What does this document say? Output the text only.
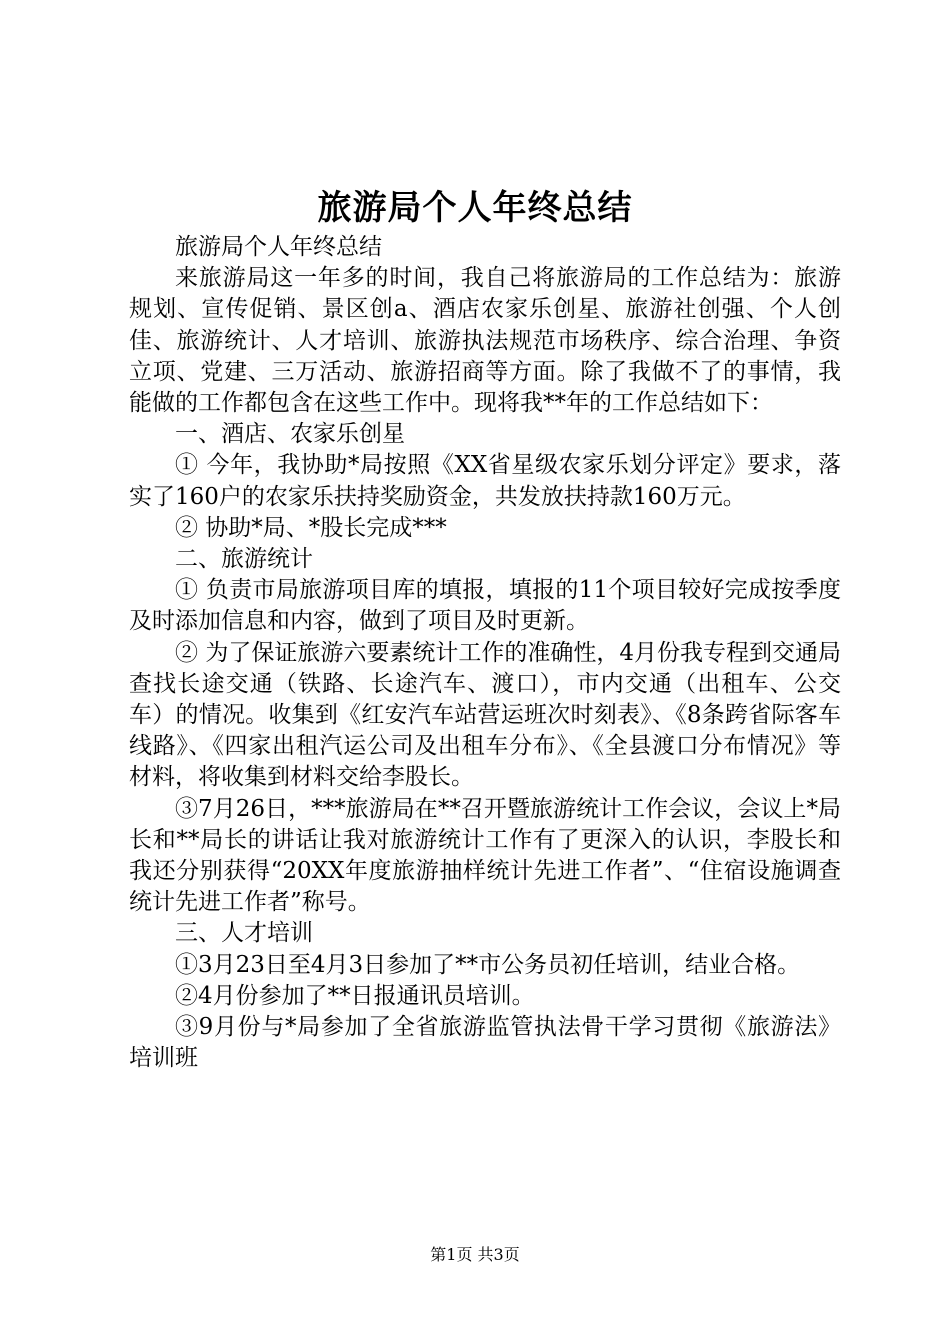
旅游局个人年终总结

旅游局个人年终总结

来旅游局这一年多的时间，我自己将旅游局的工作总结为：旅游规划、宣传促销、景区创a、酒店农家乐创星、旅游社创强、个人创佳、旅游统计、人才培训、旅游执法规范市场秩序、综合治理、争资立项、党建、三万活动、旅游招商等方面。除了我做不了的事情，我能做的工作都包含在这些工作中。现将我**年的工作总结如下：

一、酒店、农家乐创星

① 今年，我协助*局按照《XX省星级农家乐划分评定》要求，落实了160户的农家乐扶持奖励资金，共发放扶持款160万元。

② 协助*局、*股长完成***

二、旅游统计

① 负责市局旅游项目库的填报，填报的11个项目较好完成按季度及时添加信息和内容，做到了项目及时更新。

② 为了保证旅游六要素统计工作的准确性，4月份我专程到交通局查找长途交通（铁路、长途汽车、渡口），市内交通（出租车、公交车）的情况。收集到《红安汽车站营运班次时刻表》、《8条跨省际客车线路》、《四家出租汽运公司及出租车分布》、《全县渡口分布情况》等材料，将收集到材料交给李股长。

③7月26日，***旅游局在**召开暨旅游统计工作会议，会议上*局长和**局长的讲话让我对旅游统计工作有了更深入的认识，李股长和我还分别获得“20XX年度旅游抽样统计先进工作者”、“住宿设施调查统计先进工作者”称号。

三、人才培训

①3月23日至4月3日参加了**市公务员初任培训，结业合格。

②4月份参加了**日报通讯员培训。

③9月份与*局参加了全省旅游监管执法骨干学习贯彻《旅游法》培训班

第1页 共3页
